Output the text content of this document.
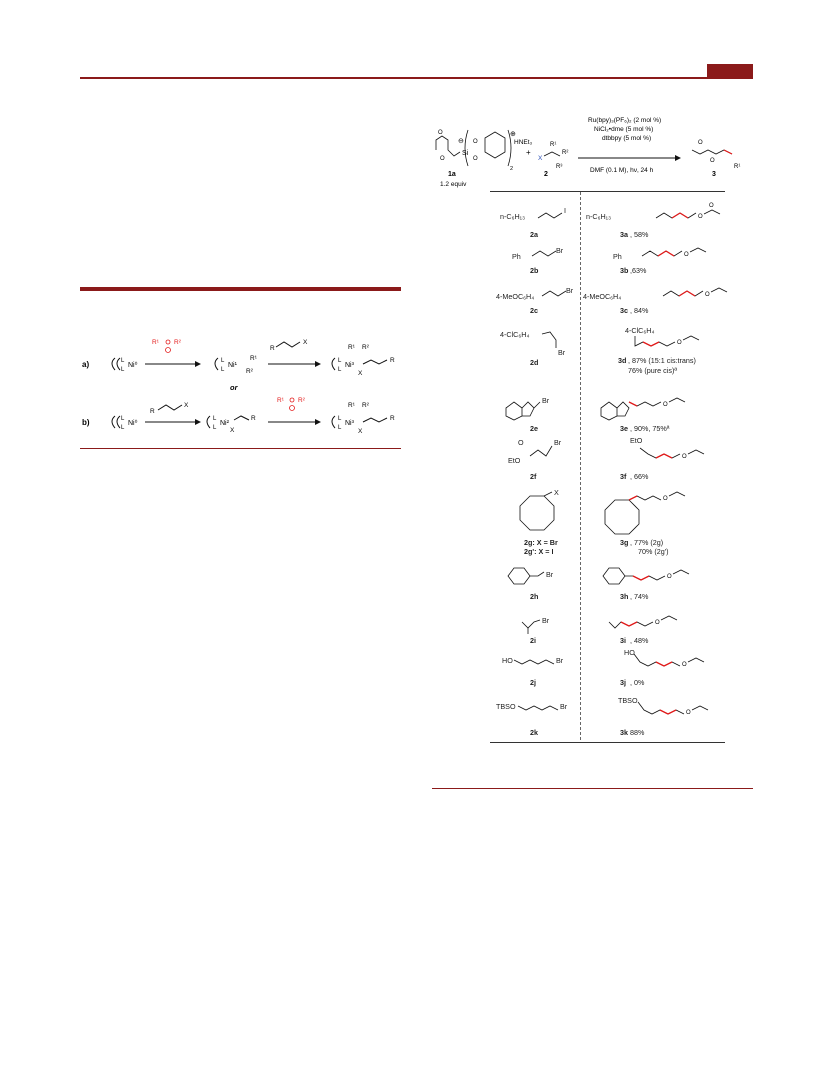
a)	L
L
Ni⁰
R¹ R²
L
L
Ni¹
R¹
R²
R
X
L
L
Ni³
R¹ R²
R
X
or
b)	L
L
Ni⁰
R
X
L
L
Ni²
R
X
R¹ R²
L
L
Ni³
R¹ R²
R
X
O
O
Si
⊖ O
O
2
1a
1.2 equiv
⊕
HNEt₃
+
X
R¹
R²
R³
2
Ru(bpy)₃(PF₆)₂ (2 mol %)
NiCl₂•dme (5 mol %)
dtbbpy (5 mol %)
DMF (0.1 M), hν, 24 h
O
O
R¹
3
n-C₆H₁₃
I
2a
O
O
n-C₆H₁₃
3a , 58%
Ph
Br
2b
O
Ph
3b ,63%
4-MeOC₆H₄
Br
2c
O
4-MeOC₆H₄
3c , 84%
4-ClC₆H₄
Br
2d
O
4-ClC₆H₄
3d , 87% (15:1 cis:trans)
76% (pure cis)ª
Br
2e
O
3e , 90%, 75%ª
O
EtO
Br
2f
O
EtO
3f , 66%
X
2g: X = Br
2g': X = I
O
3g , 77% (2g)
70% (2g')
Br
2h
O
3h , 74%
Br
2i
O
3i , 48%
HO	Br
2j
O
HO
3j , 0%
TBSO	Br
2k
O
TBSO
3k 88%
